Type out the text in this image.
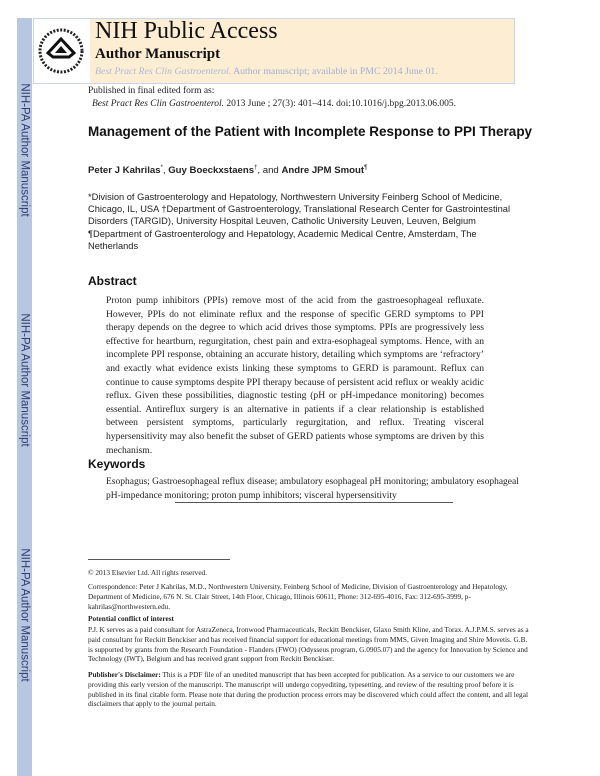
NIH-PA Author Manuscript
NIH-PA Author Manuscript
NIH-PA Author Manuscript
NIH Public Access
Author Manuscript
Best Pract Res Clin Gastroenterol. Author manuscript; available in PMC 2014 June 01.
Published in final edited form as:
Best Pract Res Clin Gastroenterol. 2013 June ; 27(3): 401–414. doi:10.1016/j.bpg.2013.06.005.
Management of the Patient with Incomplete Response to PPI Therapy
Peter J Kahrilas*, Guy Boeckxstaens†, and Andre JPM Smout¶
*Division of Gastroenterology and Hepatology, Northwestern University Feinberg School of Medicine, Chicago, IL, USA †Department of Gastroenterology, Translational Research Center for Gastrointestinal Disorders (TARGID), University Hospital Leuven, Catholic University Leuven, Leuven, Belgium ¶Department of Gastroenterology and Hepatology, Academic Medical Centre, Amsterdam, The Netherlands
Abstract
Proton pump inhibitors (PPIs) remove most of the acid from the gastroesophageal refluxate. However, PPIs do not eliminate reflux and the response of specific GERD symptoms to PPI therapy depends on the degree to which acid drives those symptoms. PPIs are progressively less effective for heartburn, regurgitation, chest pain and extra-esophageal symptoms. Hence, with an incomplete PPI response, obtaining an accurate history, detailing which symptoms are ‘refractory’ and exactly what evidence exists linking these symptoms to GERD is paramount. Reflux can continue to cause symptoms despite PPI therapy because of persistent acid reflux or weakly acidic reflux. Given these possibilities, diagnostic testing (pH or pH-impedance monitoring) becomes essential. Antireflux surgery is an alternative in patients if a clear relationship is established between persistent symptoms, particularly regurgitation, and reflux. Treating visceral hypersensitivity may also benefit the subset of GERD patients whose symptoms are driven by this mechanism.
Keywords
Esophagus; Gastroesophageal reflux disease; ambulatory esophageal pH monitoring; ambulatory esophageal pH-impedance monitoring; proton pump inhibitors; visceral hypersensitivity
© 2013 Elsevier Ltd. All rights reserved.
Correspondence: Peter J Kahrilas, M.D., Northwestern University, Feinberg School of Medicine, Division of Gastroenterology and Hepatology, Department of Medicine, 676 N. St. Clair Street, 14th Floor, Chicago, Illinois 60611, Phone: 312-695-4016, Fax: 312-695-3999, p-kahrilas@northwestern.edu.
Potential conflict of interest
P.J. K serves as a paid consultant for AstraZeneca, Ironwood Pharmaceuticals, Reckitt Benckiser, Glaxo Smith Kline, and Torax. A.J.P.M.S. serves as a paid consultant for Reckitt Benckiser and has received financial support for educational meetings from MMS, Given Imaging and Shire Movetis. G.B. is supported by grants from the Research Foundation - Flanders (FWO) (Odysseus program, G.0905.07) and the agency for Innovation by Science and Technology (IWT), Belgium and has received grant support from Reckitt Benckiser.
Publisher's Disclaimer: This is a PDF file of an unedited manuscript that has been accepted for publication. As a service to our customers we are providing this early version of the manuscript. The manuscript will undergo copyediting, typesetting, and review of the resulting proof before it is published in its final citable form. Please note that during the production process errors may be discovered which could affect the content, and all legal disclaimers that apply to the journal pertain.
